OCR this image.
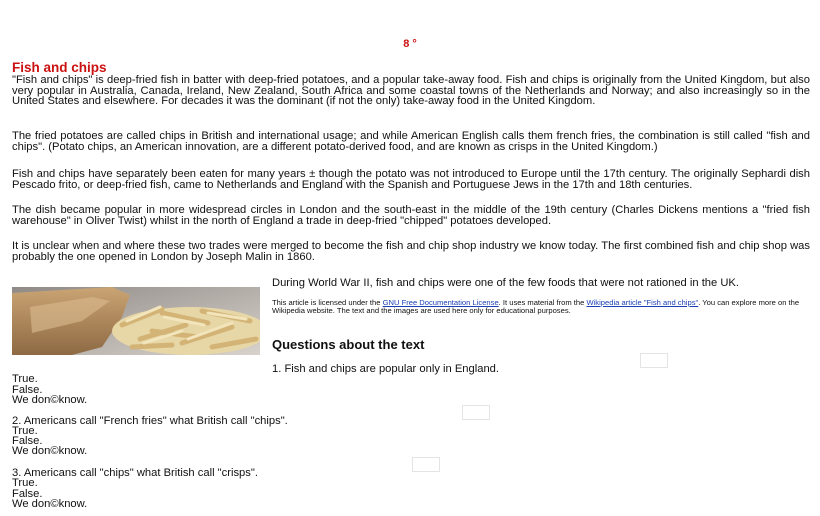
8 °
Fish and chips

"Fish and chips" is deep-fried fish in batter with deep-fried potatoes, and a popular take-away food. Fish and chips is originally from the United Kingdom, but also very popular in Australia, Canada, Ireland, New Zealand, South Africa and some coastal towns of the Netherlands and Norway; and also increasingly so in the United States and elsewhere. For decades it was the dominant (if not the only) take-away food in the United Kingdom.

The fried potatoes are called chips in British and international usage; and while American English calls them french fries, the combination is still called "fish and chips". (Potato chips, an American innovation, are a different potato-derived food, and are known as crisps in the United Kingdom.)

Fish and chips have separately been eaten for many years ± though the potato was not introduced to Europe until the 17th century. The originally Sephardi dish Pescado frito, or deep-fried fish, came to Netherlands and England with the Spanish and Portuguese Jews in the 17th and 18th centuries.

The dish became popular in more widespread circles in London and the south-east in the middle of the 19th century (Charles Dickens mentions a "fried fish warehouse" in Oliver Twist) whilst in the north of England a trade in deep-fried "chipped" potatoes developed.

It is unclear when and where these two trades were merged to become the fish and chip shop industry we know today. The first combined fish and chip shop was probably the one opened in London by Joseph Malin in 1860.

During World War II, fish and chips were one of the few foods that were not rationed in the UK.

This article is licensed under the GNU Free Documentation License. It uses material from the Wikipedia article "Fish and chips". You can explore more on the Wikipedia website. The text and the images are used here only for educational purposes.

Questions about the text

1. Fish and chips are popular only in England.

True.

False.

We don©know.

2. Americans call "French fries" what British call "chips".

True.

False.

We don©know.

3. Americans call "chips" what British call "crisps".

True.

False.

We don©know.
